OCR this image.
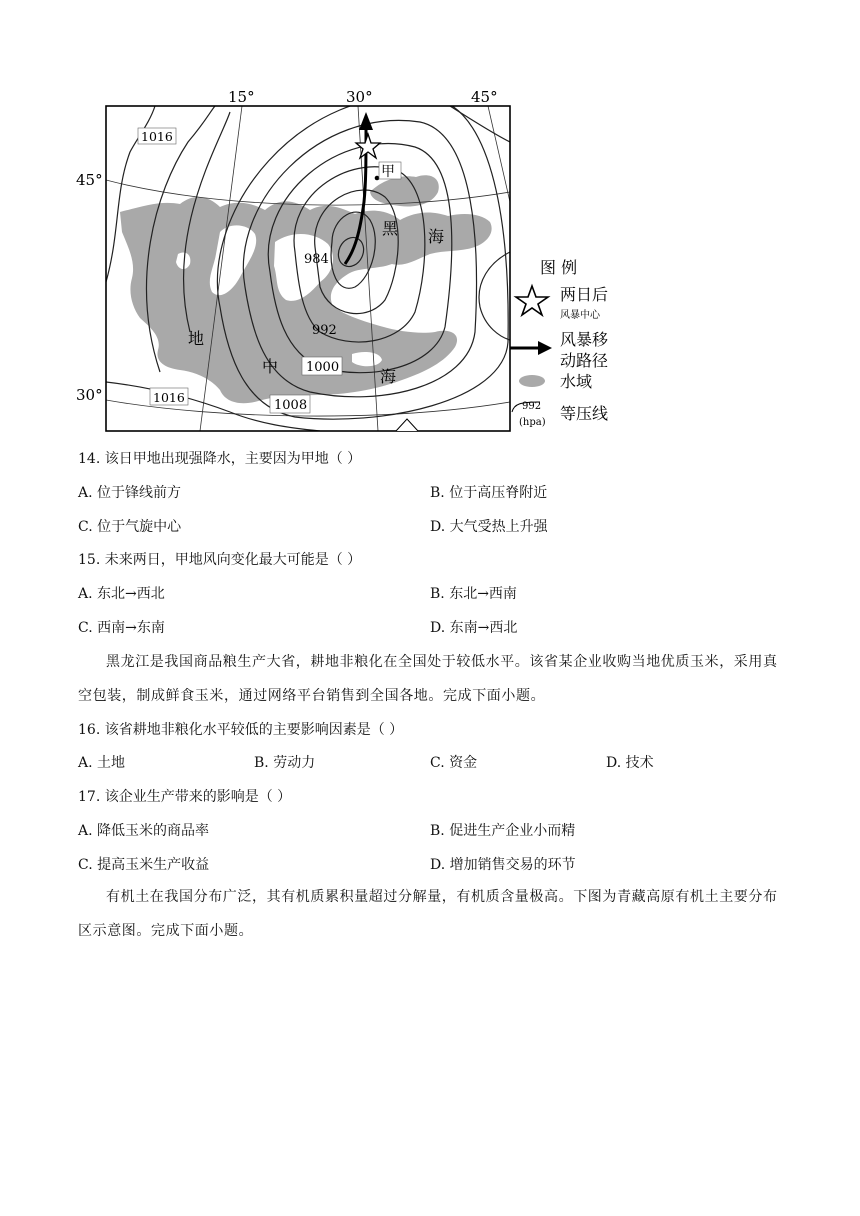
15°	30°	45°
45°
30°
1016
甲
984
992
1000
1008
1016
黑 海
地
中
海
图 例
两日后
风暴中心
风暴移
动路径
水域
992
(hpa) 等压线
14. 该日甲地出现强降水，主要因为甲地（ ）
A. 位于锋线前方	B. 位于高压脊附近
C. 位于气旋中心	D. 大气受热上升强
15. 未来两日，甲地风向变化最大可能是（ ）
A. 东北→西北	B. 东北→西南
C. 西南→东南	D. 东南→西北
黑龙江是我国商品粮生产大省，耕地非粮化在全国处于较低水平。该省某企业收购当地优质玉米，采用真空包装，制成鲜食玉米，通过网络平台销售到全国各地。完成下面小题。
16. 该省耕地非粮化水平较低的主要影响因素是（ ）
A. 土地	B. 劳动力	C. 资金	D. 技术
17. 该企业生产带来的影响是（ ）
A. 降低玉米的商品率	B. 促进生产企业小而精
C. 提高玉米生产收益	D. 增加销售交易的环节
有机土在我国分布广泛，其有机质累积量超过分解量，有机质含量极高。下图为青藏高原有机土主要分布区示意图。完成下面小题。
